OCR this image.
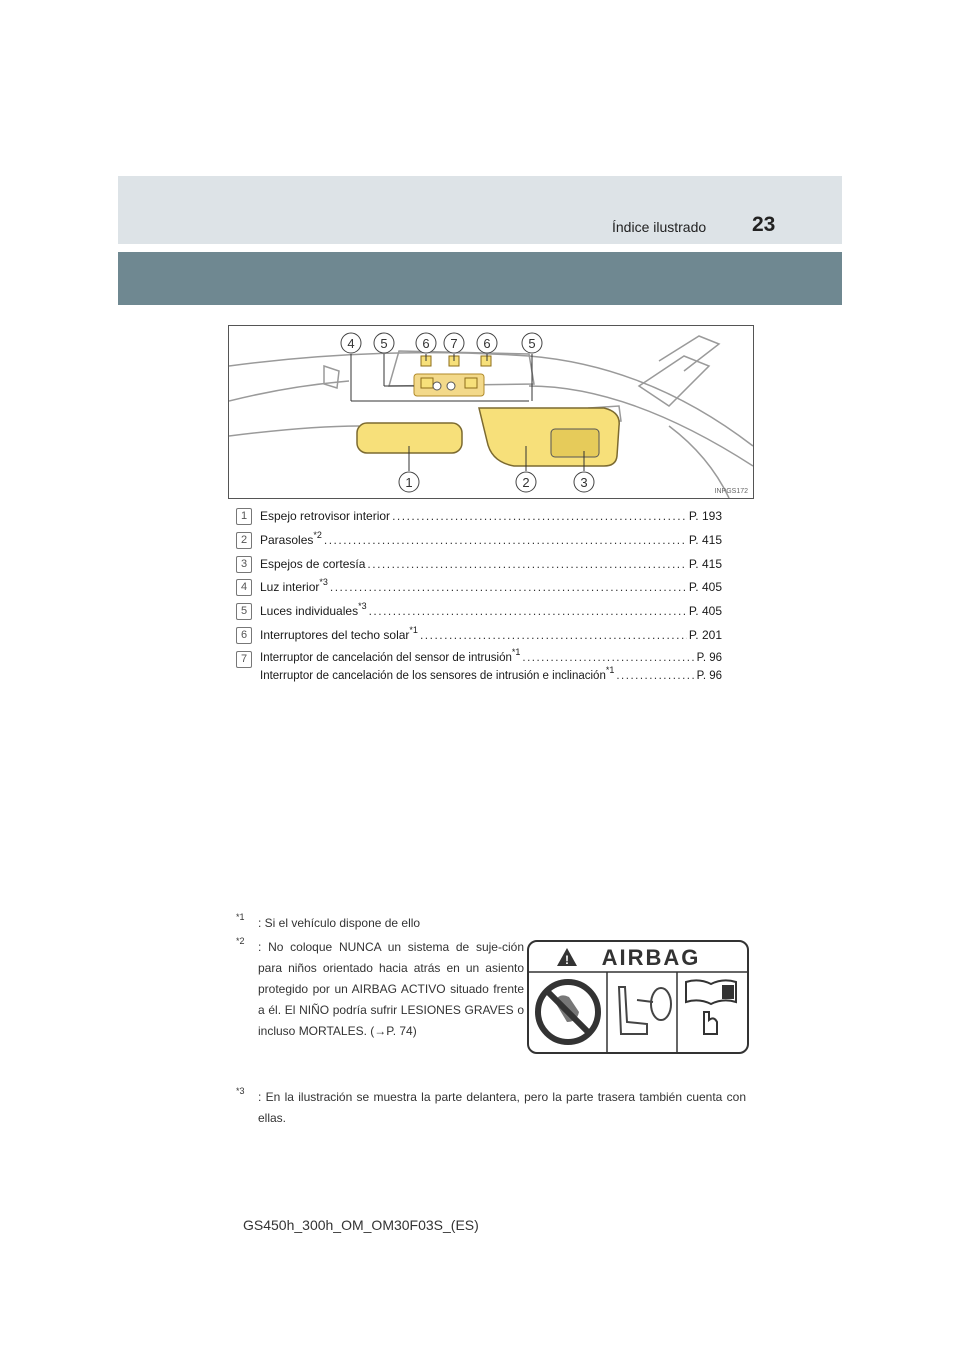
Índice ilustrado 23
4 5	6 7 6	5
1	2	3
INPGS172
1	Espejo retrovisor interior .....	P. 193
2	Parasoles$^{*2}$ .....	P. 415
3	Espejos de cortesía .....	P. 415
4	Luz interior$^{*3}$ .....	P. 405
5	Luces individuales$^{*3}$ .....	P. 405
6	Interruptores del techo solar$^{*1}$ .....	P. 201
7	Interruptor de cancelación del sensor de intrusión$^{*1}$ .....	P. 96
Interruptor de cancelación de los sensores de intrusión e inclinación$^{*1}$ .....	P. 96
$^{*1}$ : Si el vehículo dispone de ello
$^{*2}$ : No coloque NUNCA un sistema de suje-ción para niños orientado hacia atrás en un asiento protegido por un AIRBAG ACTIVO situado frente a él. El NIÑO podría sufrir LESIONES GRAVES o incluso MORTALES. (→P. 74)
$^{*3}$ : En la ilustración se muestra la parte delantera, pero la parte trasera también cuenta con ellas.
! AIRBAG
GS450h_300h_OM_OM30F03S_(ES)
